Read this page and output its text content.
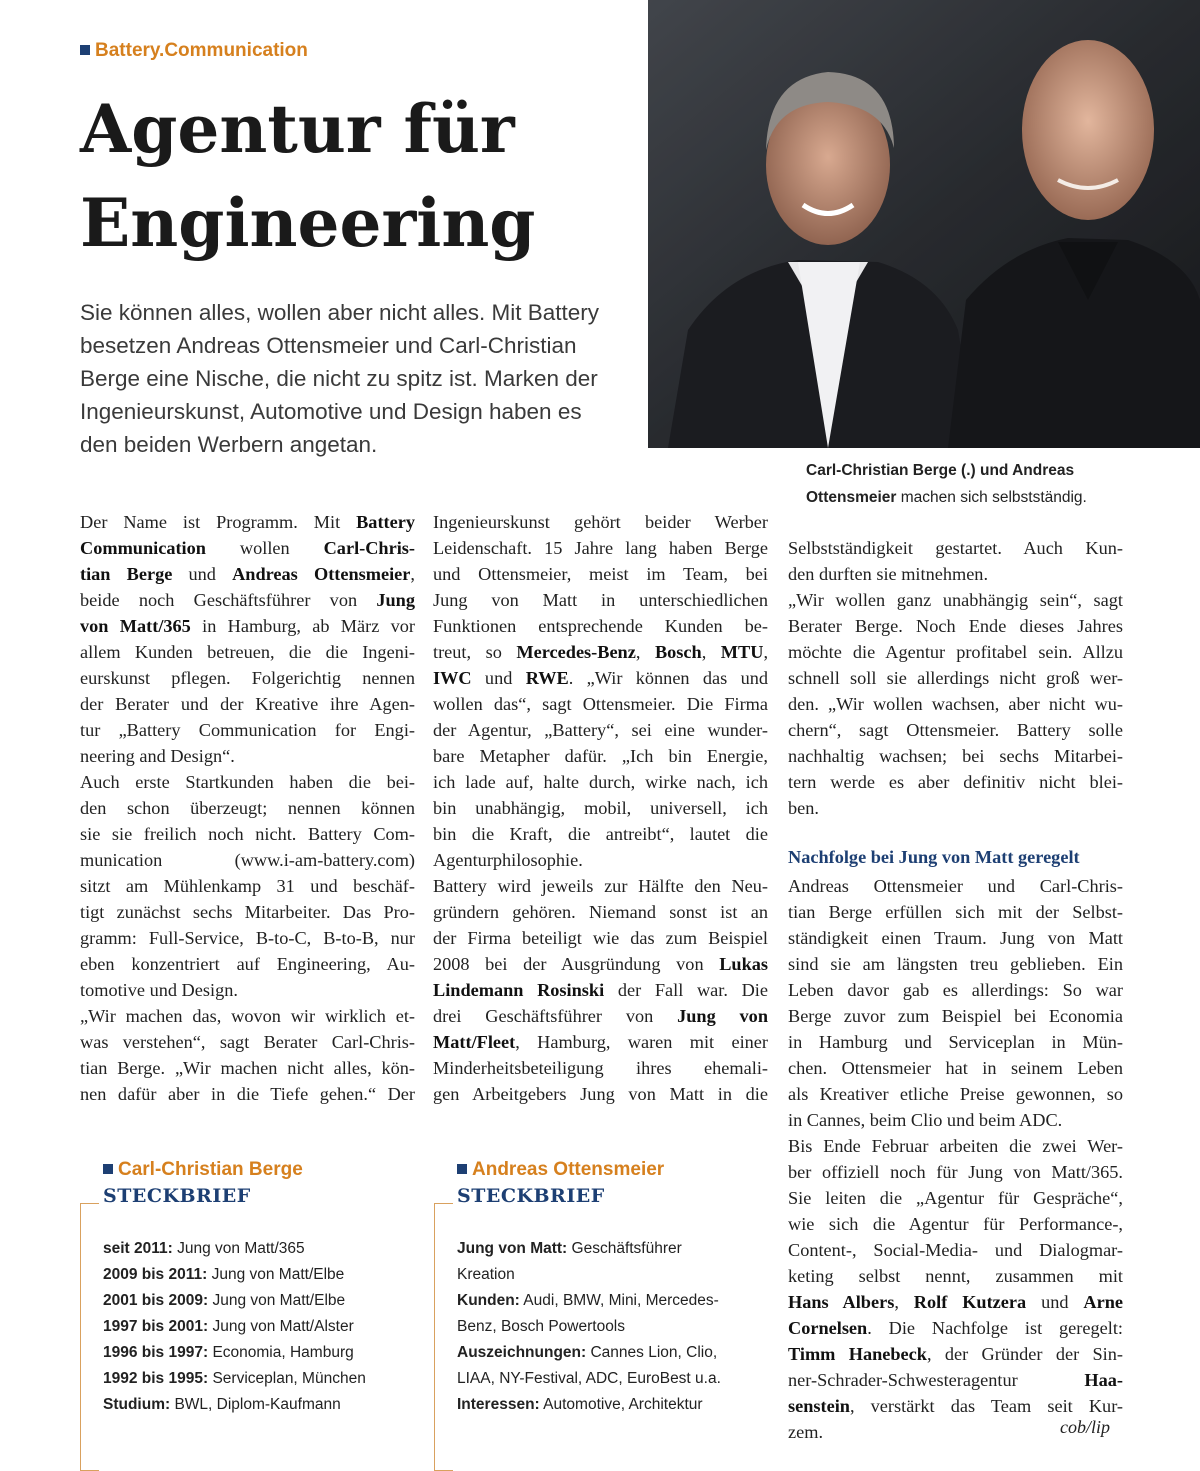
Battery.Communication
Agentur für
Engineering
Sie können alles, wollen aber nicht alles. Mit Battery
besetzen Andreas Ottensmeier und Carl-Christian
Berge eine Nische, die nicht zu spitz ist. Marken der
Ingenieurskunst, Automotive und Design haben es
den beiden Werbern angetan.
Carl-Christian Berge (.) und Andreas
Ottensmeier machen sich selbstständig.
Der Name ist Programm. Mit Battery
Communication wollen Carl-Chris-
tian Berge und Andreas Ottensmeier,
beide noch Geschäftsführer von Jung
von Matt/365 in Hamburg, ab März vor
allem Kunden betreuen, die die Ingeni-
eurskunst pflegen. Folgerichtig nennen
der Berater und der Kreative ihre Agen-
tur „Battery Communication for Engi-
neering and Design“.
Auch erste Startkunden haben die bei-
den schon überzeugt; nennen können
sie sie freilich noch nicht. Battery Com-
munication (www.i-am-battery.com)
sitzt am Mühlenkamp 31 und beschäf-
tigt zunächst sechs Mitarbeiter. Das Pro-
gramm: Full-Service, B-to-C, B-to-B, nur
eben konzentriert auf Engineering, Au-
tomotive und Design.
„Wir machen das, wovon wir wirklich et-
was verstehen“, sagt Berater Carl-Chris-
tian Berge. „Wir machen nicht alles, kön-
nen dafür aber in die Tiefe gehen.“ Der
Ingenieurskunst gehört beider Werber
Leidenschaft. 15 Jahre lang haben Berge
und Ottensmeier, meist im Team, bei
Jung von Matt in unterschiedlichen
Funktionen entsprechende Kunden be-
treut, so Mercedes-Benz, Bosch, MTU,
IWC und RWE. „Wir können das und
wollen das“, sagt Ottensmeier. Die Firma
der Agentur, „Battery“, sei eine wunder-
bare Metapher dafür. „Ich bin Energie,
ich lade auf, halte durch, wirke nach, ich
bin unabhängig, mobil, universell, ich
bin die Kraft, die antreibt“, lautet die
Agenturphilosophie.
Battery wird jeweils zur Hälfte den Neu-
gründern gehören. Niemand sonst ist an
der Firma beteiligt wie das zum Beispiel
2008 bei der Ausgründung von Lukas
Lindemann Rosinski der Fall war. Die
drei Geschäftsführer von Jung von
Matt/Fleet, Hamburg, waren mit einer
Minderheitsbeteiligung ihres ehemali-
gen Arbeitgebers Jung von Matt in die
Selbstständigkeit gestartet. Auch Kun-
den durften sie mitnehmen.
„Wir wollen ganz unabhängig sein“, sagt
Berater Berge. Noch Ende dieses Jahres
möchte die Agentur profitabel sein. Allzu
schnell soll sie allerdings nicht groß wer-
den. „Wir wollen wachsen, aber nicht wu-
chern“, sagt Ottensmeier. Battery solle
nachhaltig wachsen; bei sechs Mitarbei-
tern werde es aber definitiv nicht blei-
ben.
Nachfolge bei Jung von Matt geregelt
Andreas Ottensmeier und Carl-Chris-
tian Berge erfüllen sich mit der Selbst-
ständigkeit einen Traum. Jung von Matt
sind sie am längsten treu geblieben. Ein
Leben davor gab es allerdings: So war
Berge zuvor zum Beispiel bei Economia
in Hamburg und Serviceplan in Mün-
chen. Ottensmeier hat in seinem Leben
als Kreativer etliche Preise gewonnen, so
in Cannes, beim Clio und beim ADC.
Bis Ende Februar arbeiten die zwei Wer-
ber offiziell noch für Jung von Matt/365.
Sie leiten die „Agentur für Gespräche“,
wie sich die Agentur für Performance-,
Content-, Social-Media- und Dialogmar-
keting selbst nennt, zusammen mit
Hans Albers, Rolf Kutzera und Arne
Cornelsen. Die Nachfolge ist geregelt:
Timm Hanebeck, der Gründer der Sin-
ner-Schrader-Schwesteragentur Haa-
senstein, verstärkt das Team seit Kur-
zem.	cob/lip
Carl-Christian Berge
STECKBRIEF
seit 2011: Jung von Matt/365
2009 bis 2011: Jung von Matt/Elbe
2001 bis 2009: Jung von Matt/Elbe
1997 bis 2001: Jung von Matt/Alster
1996 bis 1997: Economia, Hamburg
1992 bis 1995: Serviceplan, München
Studium: BWL, Diplom-Kaufmann
Andreas Ottensmeier
STECKBRIEF
Jung von Matt: Geschäftsführer
Kreation
Kunden: Audi, BMW, Mini, Mercedes-
Benz, Bosch Powertools
Auszeichnungen: Cannes Lion, Clio,
LIAA, NY-Festival, ADC, EuroBest u.a.
Interessen: Automotive, Architektur
